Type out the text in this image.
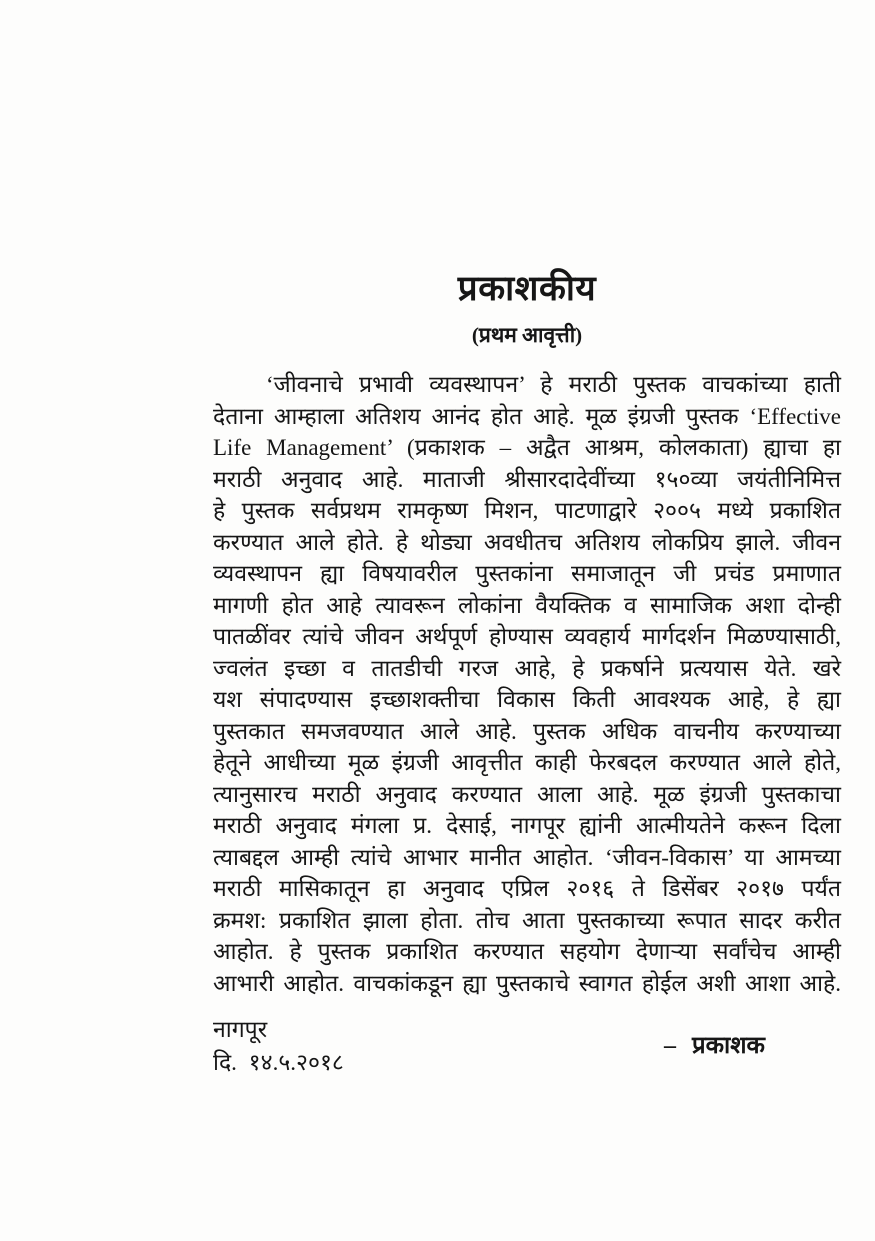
प्रकाशकीय
(प्रथम आवृत्ती)

‘जीवनाचे प्रभावी व्यवस्थापन’ हे मराठी पुस्तक वाचकांच्या हाती

देताना आम्हाला अतिशय आनंद होत आहे. मूळ इंग्रजी पुस्तक ‘Effective

Life Management’ (प्रकाशक – अद्वैत आश्रम, कोलकाता) ह्याचा हा

मराठी अनुवाद आहे. माताजी श्रीसारदादेवींच्या १५०व्या जयंतीनिमित्त

हे पुस्तक सर्वप्रथम रामकृष्ण मिशन, पाटणाद्वारे २००५ मध्ये प्रकाशित

करण्यात आले होते. हे थोड्या अवधीतच अतिशय लोकप्रिय झाले. जीवन

व्यवस्थापन ह्या विषयावरील पुस्तकांना समाजातून जी प्रचंड प्रमाणात

मागणी होत आहे त्यावरून लोकांना वैयक्तिक व सामाजिक अशा दोन्ही

पातळींवर त्यांचे जीवन अर्थपूर्ण होण्यास व्यवहार्य मार्गदर्शन मिळण्यासाठी,

ज्वलंत इच्छा व तातडीची गरज आहे, हे प्रकर्षाने प्रत्ययास येते. खरे

यश संपादण्यास इच्छाशक्तीचा विकास किती आवश्यक आहे, हे ह्या

पुस्तकात समजवण्यात आले आहे. पुस्तक अधिक वाचनीय करण्याच्या

हेतूने आधीच्या मूळ इंग्रजी आवृत्तीत काही फेरबदल करण्यात आले होते,

त्यानुसारच मराठी अनुवाद करण्यात आला आहे. मूळ इंग्रजी पुस्तकाचा

मराठी अनुवाद मंगला प्र. देसाई, नागपूर ह्यांनी आत्मीयतेने करून दिला

त्याबद्दल आम्ही त्यांचे आभार मानीत आहोत. ‘जीवन-विकास’ या आमच्या

मराठी मासिकातून हा अनुवाद एप्रिल २०१६ ते डिसेंबर २०१७ पर्यंत

क्रमश: प्रकाशित झाला होता. तोच आता पुस्तकाच्या रूपात सादर करीत

आहोत. हे पुस्तक प्रकाशित करण्यात सहयोग देणाऱ्या सर्वांचेच आम्ही

आभारी आहोत. वाचकांकडून ह्या पुस्तकाचे स्वागत होईल अशी आशा आहे.

नागपूर
दि. १४.५.२०१८
– प्रकाशक
